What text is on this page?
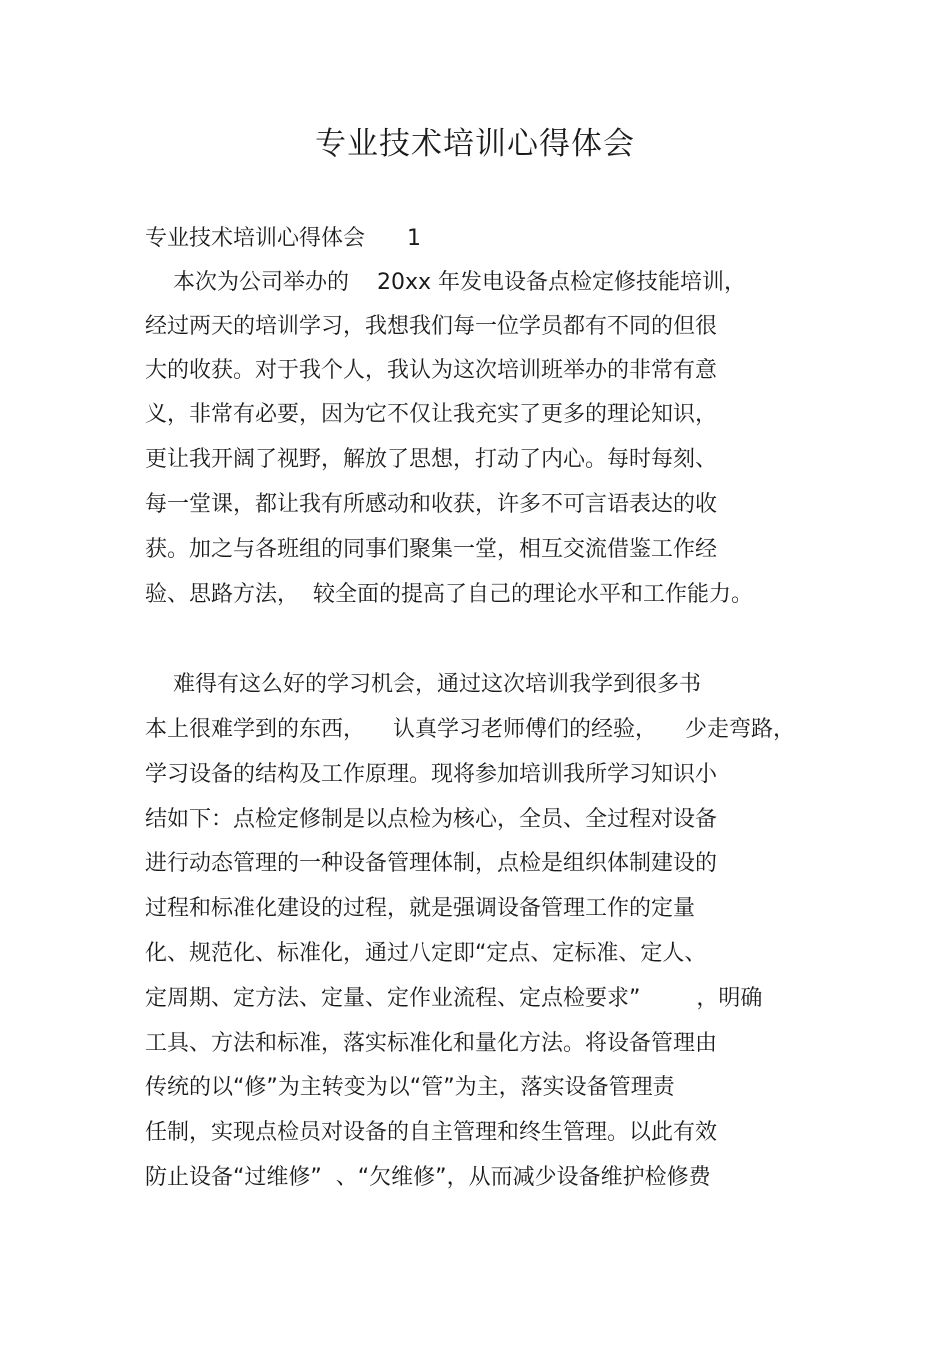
专业技术培训心得体会

专业技术培训心得体会      1

本次为公司举办的    20xx 年发电设备点检定修技能培训，

经过两天的培训学习，我想我们每一位学员都有不同的但很

大的收获。对于我个人，我认为这次培训班举办的非常有意

义，非常有必要，因为它不仅让我充实了更多的理论知识，

更让我开阔了视野，解放了思想，打动了内心。每时每刻、

每一堂课，都让我有所感动和收获，许多不可言语表达的收

获。加之与各班组的同事们聚集一堂，相互交流借鉴工作经

验、思路方法，  较全面的提高了自己的理论水平和工作能力。

难得有这么好的学习机会，通过这次培训我学到很多书

本上很难学到的东西，    认真学习老师傅们的经验，    少走弯路，

学习设备的结构及工作原理。现将参加培训我所学习知识小

结如下：点检定修制是以点检为核心，全员、全过程对设备

进行动态管理的一种设备管理体制，点检是组织体制建设的

过程和标准化建设的过程，就是强调设备管理工作的定量

化、规范化、标准化，通过八定即“定点、定标准、定人、

定周期、定方法、定量、定作业流程、定点检要求”        ，明确

工具、方法和标准，落实标准化和量化方法。将设备管理由

传统的以“修”为主转变为以“管”为主，落实设备管理责

任制，实现点检员对设备的自主管理和终生管理。以此有效

防止设备“过维修”  、“欠维修”，从而减少设备维护检修费
